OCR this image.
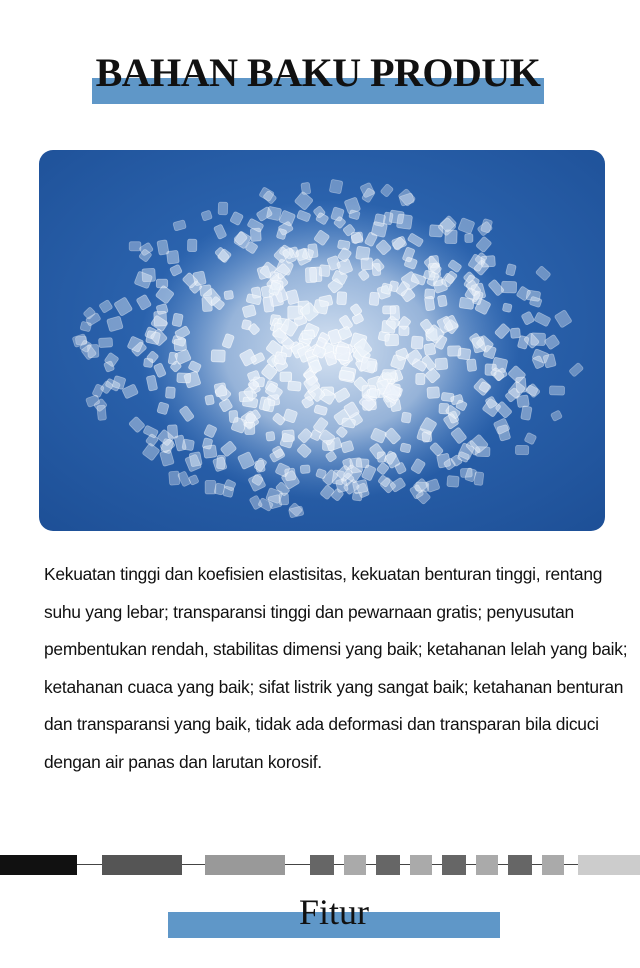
BAHAN BAKU PRODUK
Kekuatan tinggi dan koefisien elastisitas, kekuatan benturan tinggi, rentang suhu yang lebar; transparansi tinggi dan pewarnaan gratis; penyusutan pembentukan rendah, stabilitas dimensi yang baik; ketahanan lelah yang baik; ketahanan cuaca yang baik; sifat listrik yang sangat baik; ketahanan benturan dan transparansi yang baik, tidak ada deformasi dan transparan bila dicuci dengan air panas dan larutan korosif.
Fitur
